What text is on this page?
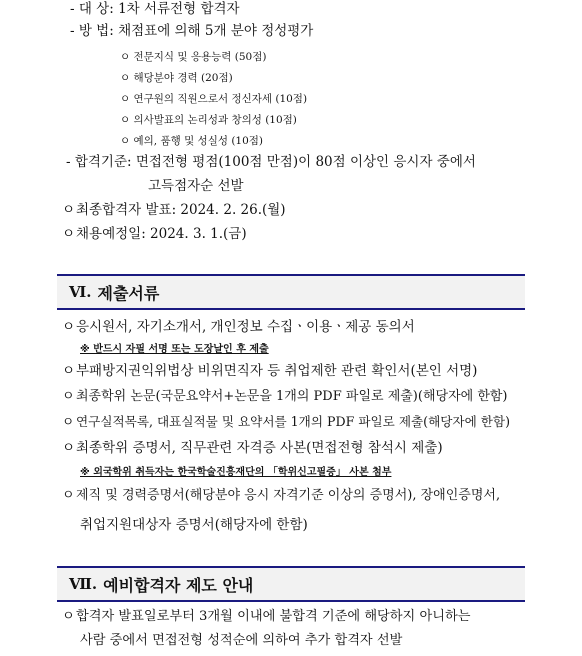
- 대 상: 1차 서류전형 합격자
- 방 법: 채점표에 의해 5개 분야 정성평가
ㅇ 전문지식 및 응용능력 (50점)
ㅇ 해당분야 경력 (20점)
ㅇ 연구원의 직원으로서 정신자세 (10점)
ㅇ 의사발표의 논리성과 창의성 (10점)
ㅇ 예의, 품행 및 성실성 (10점)
- 합격기준: 면접전형 평점(100점 만점)이 80점 이상인 응시자 중에서
고득점자순 선발
ㅇ최종합격자 발표: 2024. 2. 26.(월)
ㅇ채용예정일: 2024. 3. 1.(금)
Ⅵ. 제출서류
ㅇ응시원서, 자기소개서, 개인정보 수집ㆍ이용ㆍ제공 동의서
※ 반드시 자필 서명 또는 도장날인 후 제출
ㅇ부패방지권익위법상 비위면직자 등 취업제한 관련 확인서(본인 서명)
ㅇ최종학위 논문(국문요약서+논문을 1개의 PDF 파일로 제출)(해당자에 한함)
ㅇ 연구실적목록, 대표실적물 및 요약서를 1개의 PDF 파일로 제출(해당자에 한함)
ㅇ최종학위 증명서, 직무관련 자격증 사본(면접전형 참석시 제출)
※ 외국학위 취득자는 한국학술진흥재단의 「학위신고필증」 사본 첨부
ㅇ제직 및 경력증명서(해당분야 응시 자격기준 이상의 증명서), 장애인증명서,
취업지원대상자 증명서(해당자에 한함)
Ⅶ. 예비합격자 제도 안내
ㅇ합격자 발표일로부터 3개월 이내에 불합격 기준에 해당하지 아니하는
사람 중에서 면접전형 성적순에 의하여 추가 합격자 선발
